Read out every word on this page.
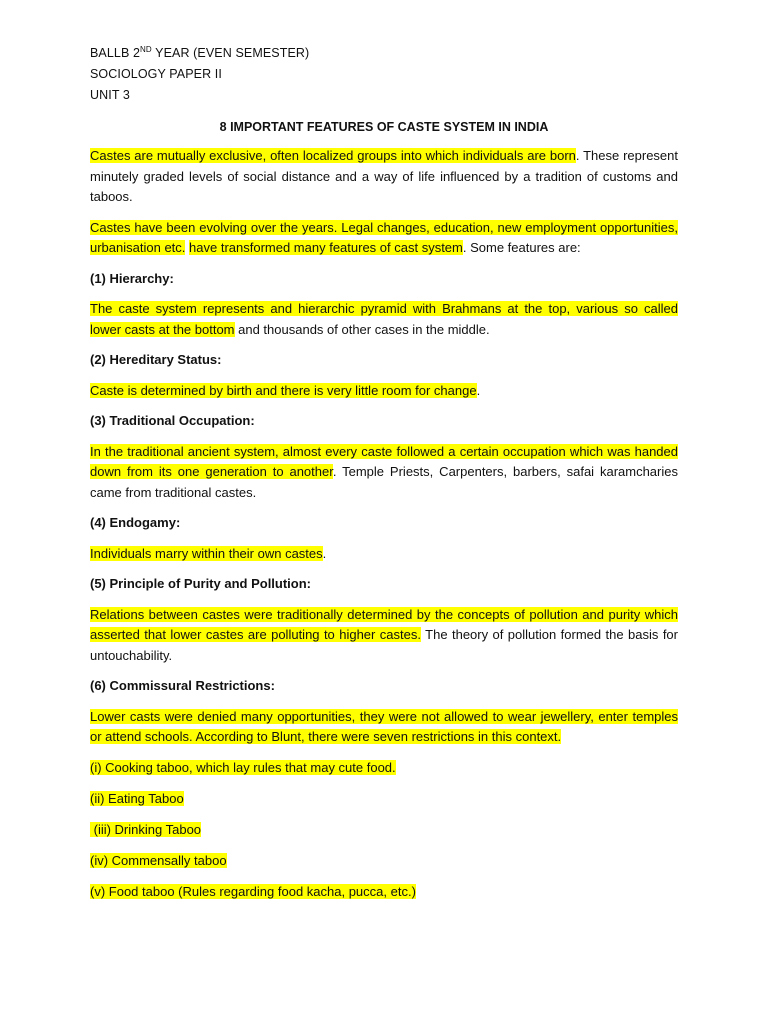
BALLB 2ND YEAR (EVEN SEMESTER)
SOCIOLOGY PAPER II
UNIT 3
8 IMPORTANT FEATURES OF CASTE SYSTEM IN INDIA

Castes are mutually exclusive, often localized groups into which individuals are born. These represent minutely graded levels of social distance and a way of life influenced by a tradition of customs and taboos.

Castes have been evolving over the years. Legal changes, education, new employment opportunities, urbanisation etc. have transformed many features of cast system. Some features are:

(1) Hierarchy:

The caste system represents and hierarchic pyramid with Brahmans at the top, various so called lower casts at the bottom and thousands of other cases in the middle.

(2) Hereditary Status:

Caste is determined by birth and there is very little room for change.

(3) Traditional Occupation:

In the traditional ancient system, almost every caste followed a certain occupation which was handed down from its one generation to another. Temple Priests, Carpenters, barbers, safai karamcharies came from traditional castes.

(4) Endogamy:

Individuals marry within their own castes.

(5) Principle of Purity and Pollution:

Relations between castes were traditionally determined by the concepts of pollution and purity which asserted that lower castes are polluting to higher castes. The theory of pollution formed the basis for untouchability.

(6) Commissural Restrictions:

Lower casts were denied many opportunities, they were not allowed to wear jewellery, enter temples or attend schools. According to Blunt, there were seven restrictions in this context.

(i) Cooking taboo, which lay rules that may cute food.
(ii) Eating Taboo
(iii) Drinking Taboo
(iv) Commensally taboo
(v) Food taboo (Rules regarding food kacha, pucca, etc.)
